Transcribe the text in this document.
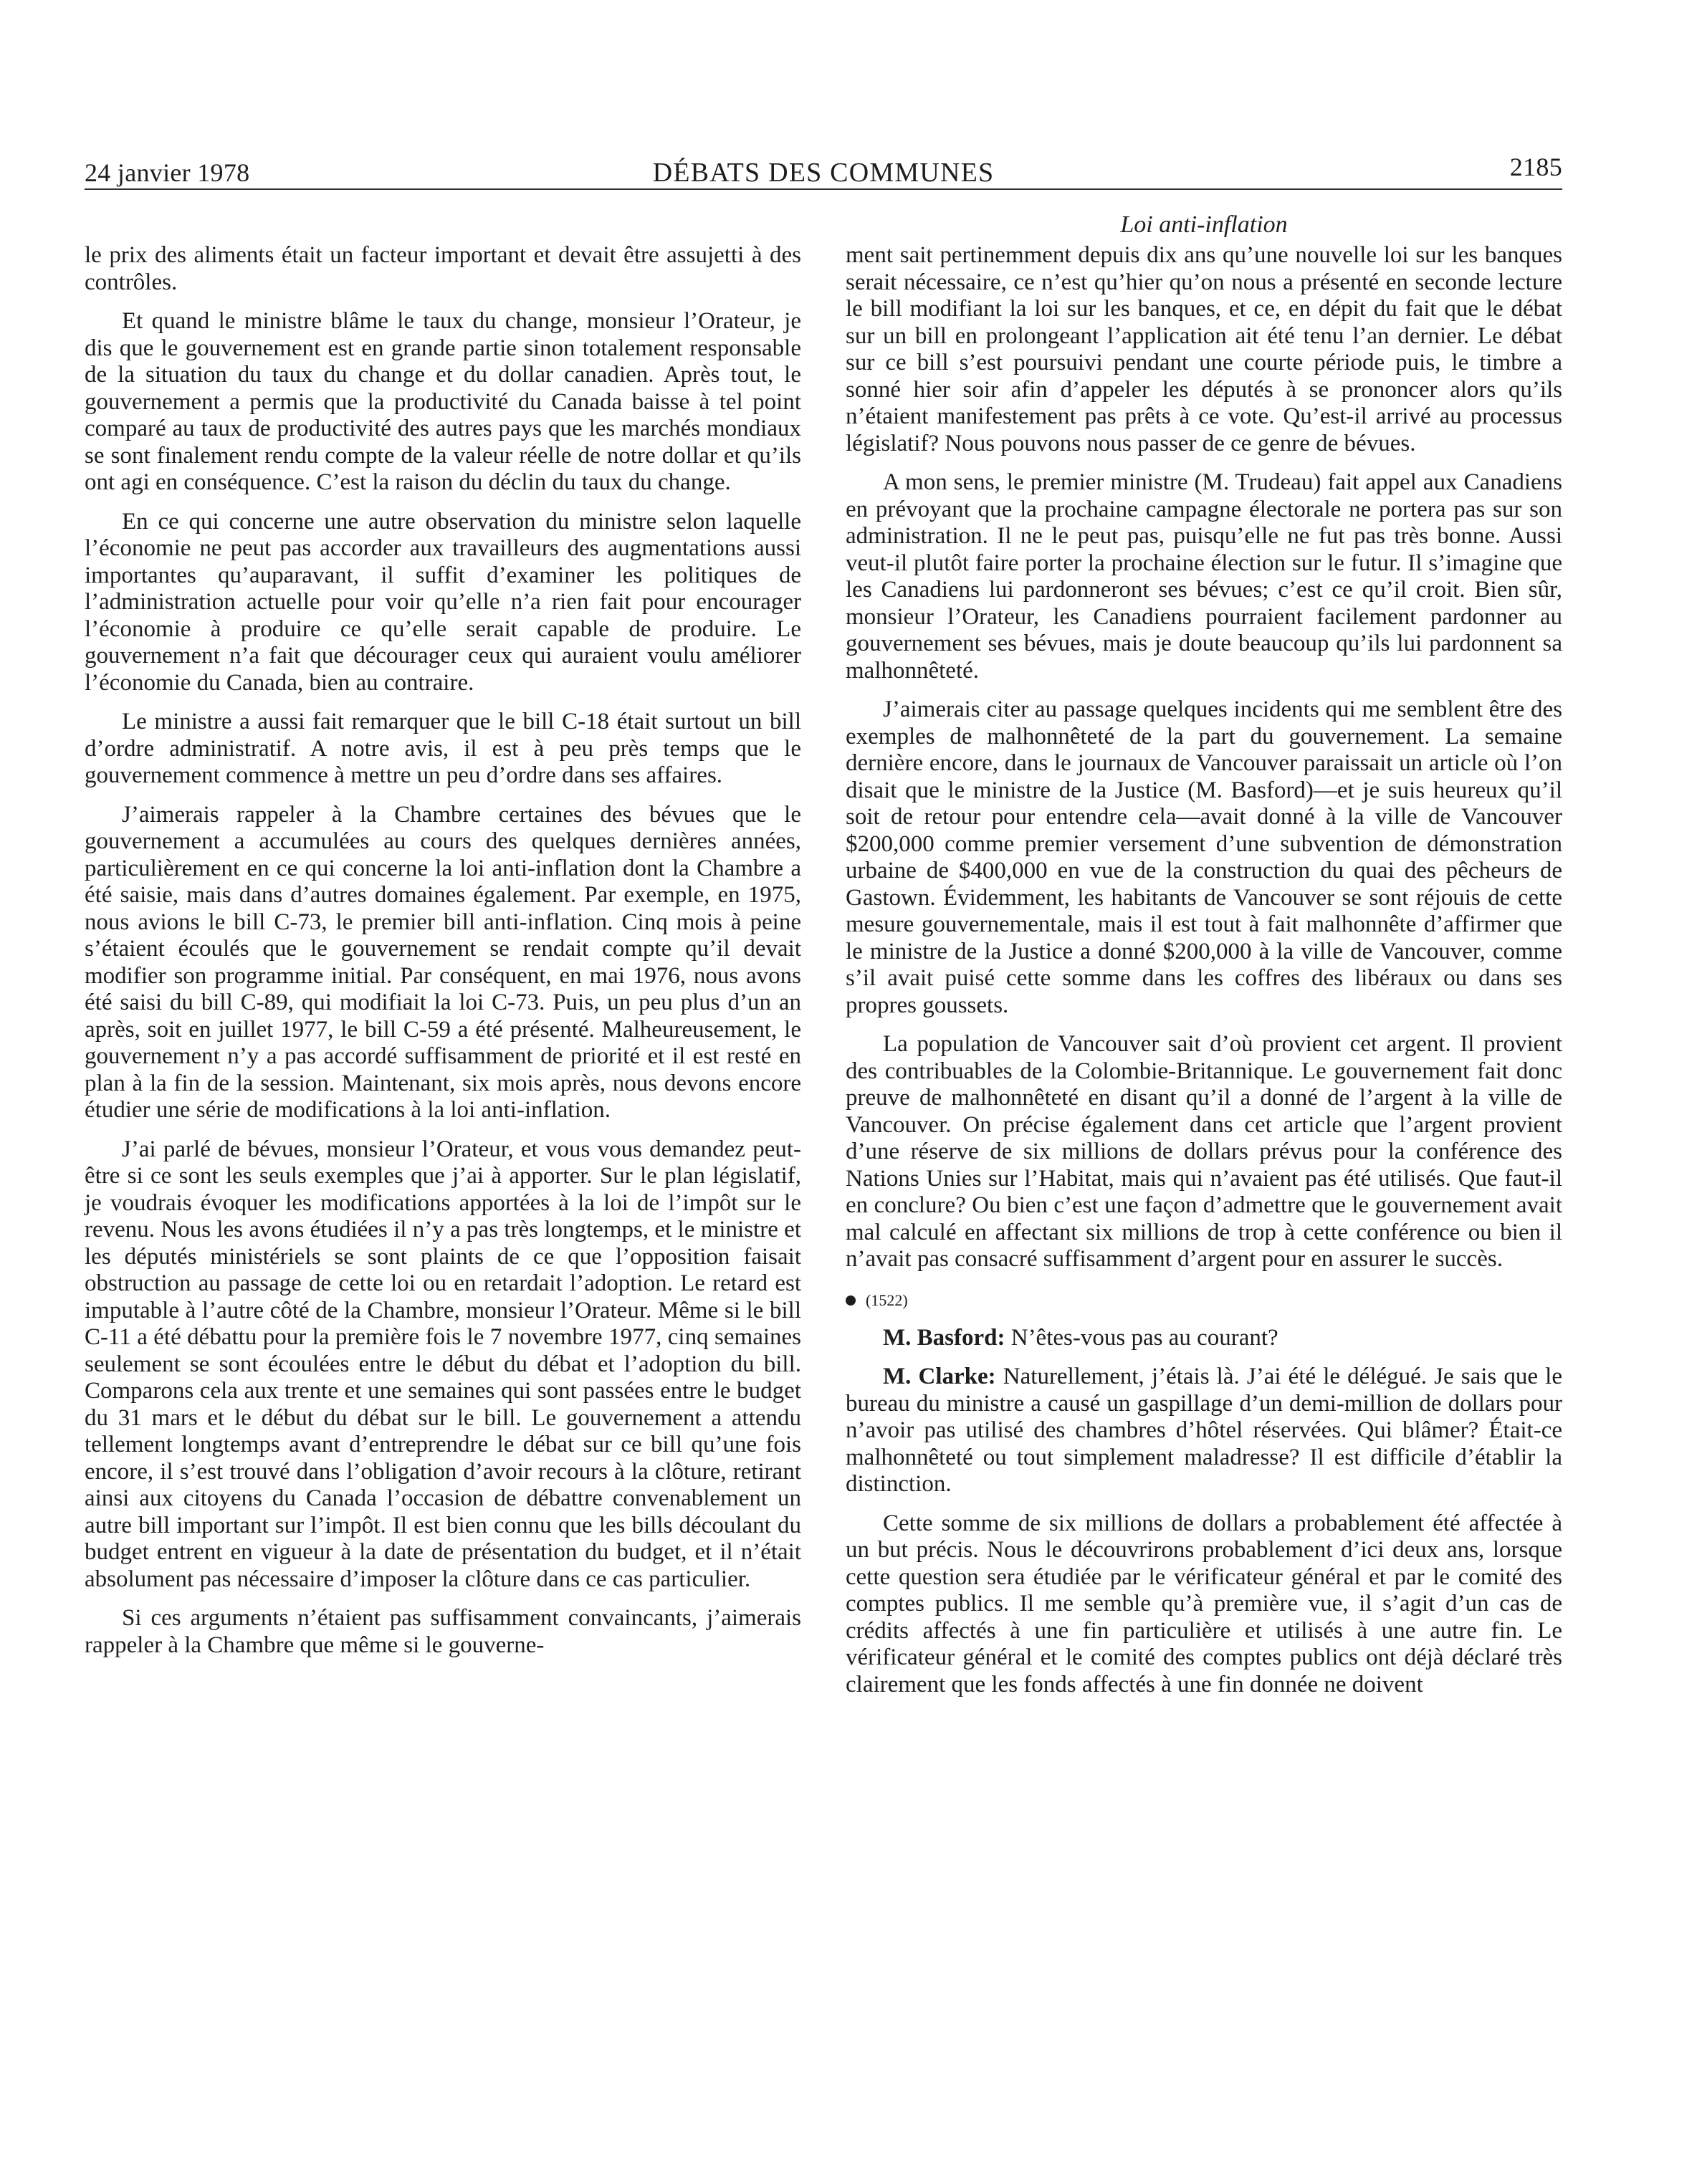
24 janvier 1978	DÉBATS DES COMMUNES	2185
Loi anti-inflation

le prix des aliments était un facteur important et devait être assujetti à des contrôles.

Et quand le ministre blâme le taux du change, monsieur l’Orateur, je dis que le gouvernement est en grande partie sinon totalement responsable de la situation du taux du change et du dollar canadien. Après tout, le gouvernement a permis que la productivité du Canada baisse à tel point comparé au taux de productivité des autres pays que les marchés mondiaux se sont finalement rendu compte de la valeur réelle de notre dollar et qu’ils ont agi en conséquence. C’est la raison du déclin du taux du change.

En ce qui concerne une autre observation du ministre selon laquelle l’économie ne peut pas accorder aux travailleurs des augmentations aussi importantes qu’auparavant, il suffit d’examiner les politiques de l’administration actuelle pour voir qu’elle n’a rien fait pour encourager l’économie à produire ce qu’elle serait capable de produire. Le gouvernement n’a fait que décourager ceux qui auraient voulu améliorer l’économie du Canada, bien au contraire.

Le ministre a aussi fait remarquer que le bill C-18 était surtout un bill d’ordre administratif. A notre avis, il est à peu près temps que le gouvernement commence à mettre un peu d’ordre dans ses affaires.

J’aimerais rappeler à la Chambre certaines des bévues que le gouvernement a accumulées au cours des quelques dernières années, particulièrement en ce qui concerne la loi anti-inflation dont la Chambre a été saisie, mais dans d’autres domaines également. Par exemple, en 1975, nous avions le bill C-73, le premier bill anti-inflation. Cinq mois à peine s’étaient écoulés que le gouvernement se rendait compte qu’il devait modifier son programme initial. Par conséquent, en mai 1976, nous avons été saisi du bill C-89, qui modifiait la loi C-73. Puis, un peu plus d’un an après, soit en juillet 1977, le bill C-59 a été présenté. Malheureusement, le gouvernement n’y a pas accordé suffisamment de priorité et il est resté en plan à la fin de la session. Maintenant, six mois après, nous devons encore étudier une série de modifications à la loi anti-inflation.

J’ai parlé de bévues, monsieur l’Orateur, et vous vous demandez peut-être si ce sont les seuls exemples que j’ai à apporter. Sur le plan législatif, je voudrais évoquer les modifications apportées à la loi de l’impôt sur le revenu. Nous les avons étudiées il n’y a pas très longtemps, et le ministre et les députés ministériels se sont plaints de ce que l’opposition faisait obstruction au passage de cette loi ou en retardait l’adoption. Le retard est imputable à l’autre côté de la Chambre, monsieur l’Orateur. Même si le bill C-11 a été débattu pour la première fois le 7 novembre 1977, cinq semaines seulement se sont écoulées entre le début du débat et l’adoption du bill. Comparons cela aux trente et une semaines qui sont passées entre le budget du 31 mars et le début du débat sur le bill. Le gouvernement a attendu tellement longtemps avant d’entreprendre le débat sur ce bill qu’une fois encore, il s’est trouvé dans l’obligation d’avoir recours à la clôture, retirant ainsi aux citoyens du Canada l’occasion de débattre convenablement un autre bill important sur l’impôt. Il est bien connu que les bills découlant du budget entrent en vigueur à la date de présentation du budget, et il n’était absolument pas nécessaire d’imposer la clôture dans ce cas particulier.

Si ces arguments n’étaient pas suffisamment convaincants, j’aimerais rappeler à la Chambre que même si le gouverne-

ment sait pertinemment depuis dix ans qu’une nouvelle loi sur les banques serait nécessaire, ce n’est qu’hier qu’on nous a présenté en seconde lecture le bill modifiant la loi sur les banques, et ce, en dépit du fait que le débat sur un bill en prolongeant l’application ait été tenu l’an dernier. Le débat sur ce bill s’est poursuivi pendant une courte période puis, le timbre a sonné hier soir afin d’appeler les députés à se prononcer alors qu’ils n’étaient manifestement pas prêts à ce vote. Qu’est-il arrivé au processus législatif? Nous pouvons nous passer de ce genre de bévues.

A mon sens, le premier ministre (M. Trudeau) fait appel aux Canadiens en prévoyant que la prochaine campagne électorale ne portera pas sur son administration. Il ne le peut pas, puisqu’elle ne fut pas très bonne. Aussi veut-il plutôt faire porter la prochaine élection sur le futur. Il s’imagine que les Canadiens lui pardonneront ses bévues; c’est ce qu’il croit. Bien sûr, monsieur l’Orateur, les Canadiens pourraient facilement pardonner au gouvernement ses bévues, mais je doute beaucoup qu’ils lui pardonnent sa malhonnêteté.

J’aimerais citer au passage quelques incidents qui me semblent être des exemples de malhonnêteté de la part du gouvernement. La semaine dernière encore, dans le journaux de Vancouver paraissait un article où l’on disait que le ministre de la Justice (M. Basford)—et je suis heureux qu’il soit de retour pour entendre cela—avait donné à la ville de Vancouver $200,000 comme premier versement d’une subvention de démonstration urbaine de $400,000 en vue de la construction du quai des pêcheurs de Gastown. Évidemment, les habitants de Vancouver se sont réjouis de cette mesure gouvernementale, mais il est tout à fait malhonnête d’affirmer que le ministre de la Justice a donné $200,000 à la ville de Vancouver, comme s’il avait puisé cette somme dans les coffres des libéraux ou dans ses propres goussets.

La population de Vancouver sait d’où provient cet argent. Il provient des contribuables de la Colombie-Britannique. Le gouvernement fait donc preuve de malhonnêteté en disant qu’il a donné de l’argent à la ville de Vancouver. On précise également dans cet article que l’argent provient d’une réserve de six millions de dollars prévus pour la conférence des Nations Unies sur l’Habitat, mais qui n’avaient pas été utilisés. Que faut-il en conclure? Ou bien c’est une façon d’admettre que le gouvernement avait mal calculé en affectant six millions de trop à cette conférence ou bien il n’avait pas consacré suffisamment d’argent pour en assurer le succès.

(1522)

M. Basford: N’êtes-vous pas au courant?

M. Clarke: Naturellement, j’étais là. J’ai été le délégué. Je sais que le bureau du ministre a causé un gaspillage d’un demi-million de dollars pour n’avoir pas utilisé des chambres d’hôtel réservées. Qui blâmer? Était-ce malhonnêteté ou tout simplement maladresse? Il est difficile d’établir la distinction.

Cette somme de six millions de dollars a probablement été affectée à un but précis. Nous le découvrirons probablement d’ici deux ans, lorsque cette question sera étudiée par le vérificateur général et par le comité des comptes publics. Il me semble qu’à première vue, il s’agit d’un cas de crédits affectés à une fin particulière et utilisés à une autre fin. Le vérificateur général et le comité des comptes publics ont déjà déclaré très clairement que les fonds affectés à une fin donnée ne doivent
